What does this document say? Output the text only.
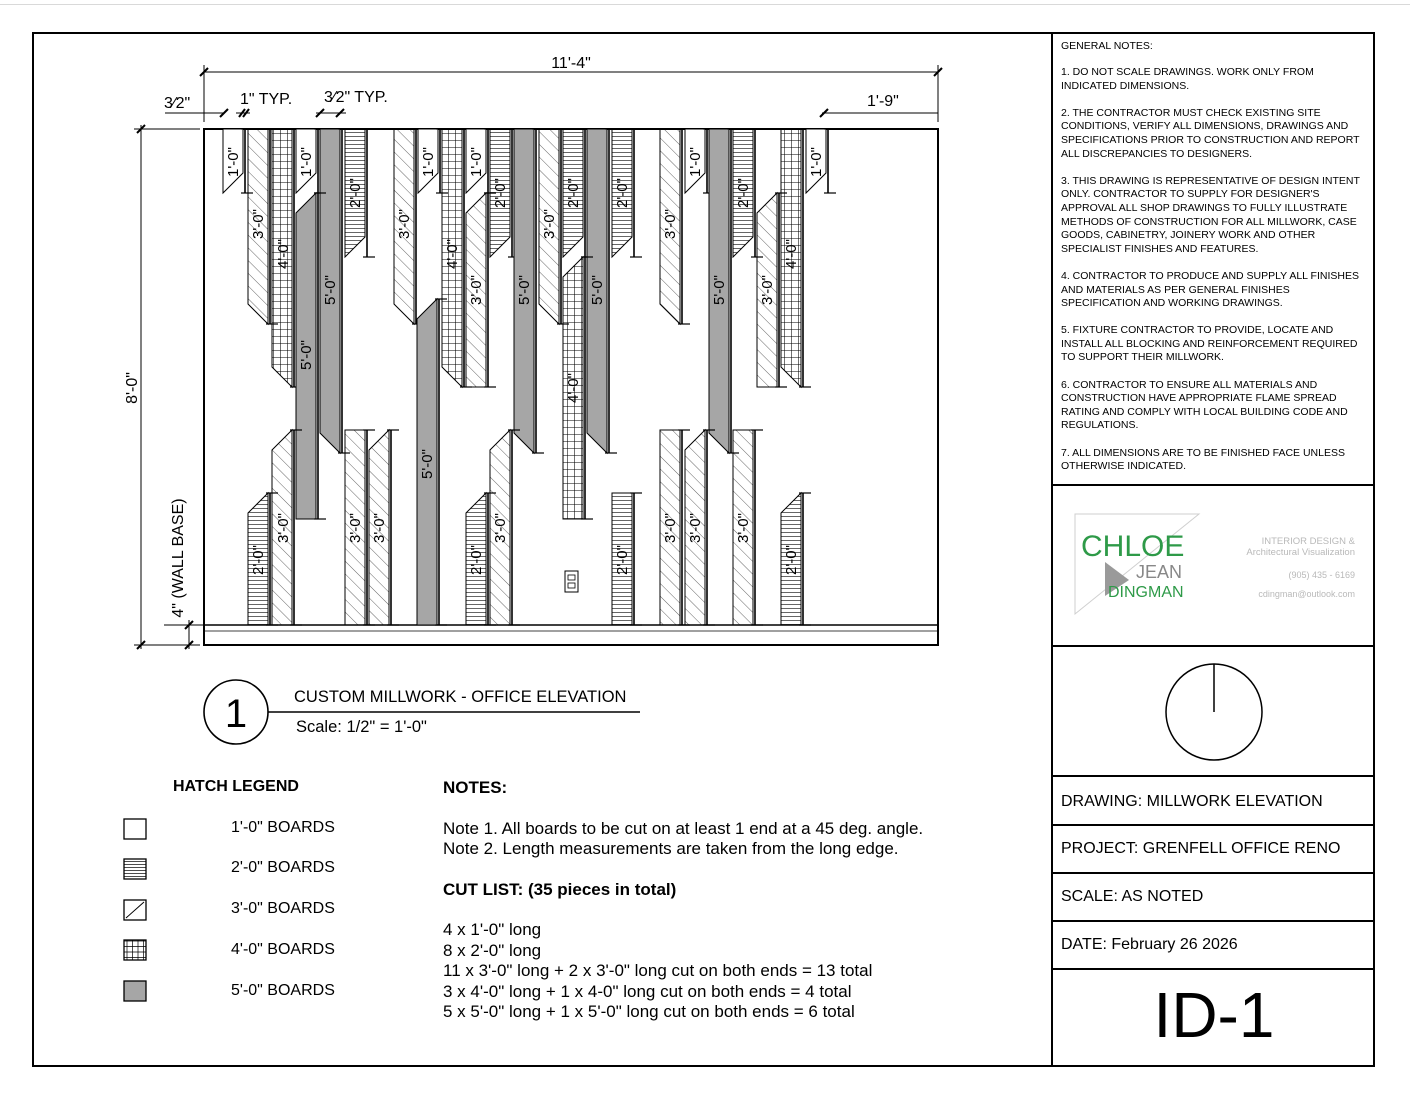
1'-0"
3'-0"
4'-0"
1'-0"
5'-0"
5'-0"
2'-0"
3'-0"
1'-0"
4'-0"
1'-0"
2'-0"
3'-0" 5'-0"
3'-0"
2'-0"
5'-0"
2'-0"
3'-0"
1'-0"
5'-0"
2'-0"
3'-0"
4'-0"
1'-0"
4'-0"
5'-0"
3'-0"
2'-0"
3'-0" 3'-0"
2'-0"
3'-0"
2'-0"
3'-0" 3'-0" 3'-0"
2'-0"
11'-4"
3⁄2"	1" TYP. 3⁄2" TYP.	1'-9"
8'-0"
4" (WALL BASE)
1	CUSTOM MILLWORK - OFFICE ELEVATION
Scale: 1/2" = 1'-0"
HATCH LEGEND
1'-0" BOARDS
2'-0" BOARDS
3'-0" BOARDS
4'-0" BOARDS
5'-0" BOARDS
NOTES:
Note 1. All boards to be cut on at least 1 end at a 45 deg. angle.
Note 2. Length measurements are taken from the long edge.
CUT LIST: (35 pieces in total)
4 x 1'-0" long
8 x 2'-0" long
11 x 3'-0" long + 2 x 3'-0" long cut on both ends = 13 total
3 x 4'-0" long + 1 x 4-0" long cut on both ends = 4 total
5 x 5'-0" long + 1 x 5'-0" long cut on both ends = 6 total
GENERAL NOTES:

1. DO NOT SCALE DRAWINGS. WORK ONLY FROM INDICATED DIMENSIONS.

2. THE CONTRACTOR MUST CHECK EXISTING SITE CONDITIONS, VERIFY ALL DIMENSIONS, DRAWINGS AND SPECIFICATIONS PRIOR TO CONSTRUCTION AND REPORT ALL DISCREPANCIES TO DESIGNERS.

3. THIS DRAWING IS REPRESENTATIVE OF DESIGN INTENT ONLY. CONTRACTOR TO SUPPLY FOR DESIGNER'S APPROVAL ALL SHOP DRAWINGS TO FULLY ILLUSTRATE METHODS OF CONSTRUCTION FOR ALL MILLWORK, CASE GOODS, CABINETRY, JOINERY WORK AND OTHER SPECIALIST FINISHES AND FEATURES.

4. CONTRACTOR TO PRODUCE AND SUPPLY ALL FINISHES AND MATERIALS AS PER GENERAL FINISHES SPECIFICATION AND WORKING DRAWINGS.

5. FIXTURE CONTRACTOR TO PROVIDE, LOCATE AND INSTALL ALL BLOCKING AND REINFORCEMENT REQUIRED TO SUPPORT THEIR MILLWORK.

6. CONTRACTOR TO ENSURE ALL MATERIALS AND CONSTRUCTION HAVE APPROPRIATE FLAME SPREAD RATING AND COMPLY WITH LOCAL BUILDING CODE AND REGULATIONS.

7. ALL DIMENSIONS ARE TO BE FINISHED FACE UNLESS OTHERWISE INDICATED.

CHLOE
JEAN
DINGMAN
INTERIOR DESIGN &
Architectural Visualization
(905) 435 - 6169
cdingman@outlook.com
DRAWING: MILLWORK ELEVATION
PROJECT: GRENFELL OFFICE RENO
SCALE: AS NOTED
DATE: February 26 2026
ID-1
